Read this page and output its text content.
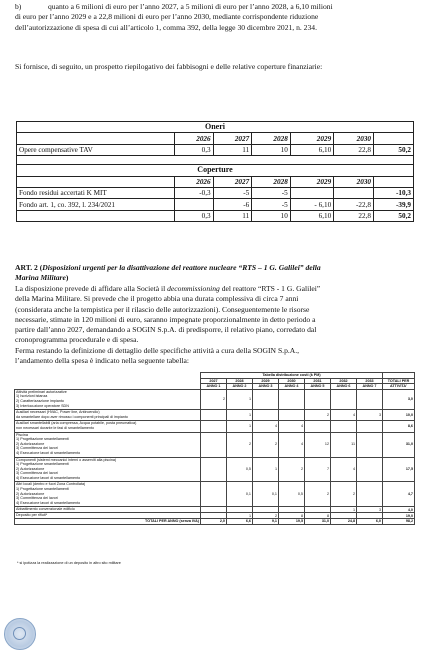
b)	quanto a 6 milioni di euro per l’anno 2027, a 5 milioni di euro per l’anno 2028, a 6,10 milioni
di euro per l’anno 2029 e a 22,8 milioni di euro per l’anno 2030, mediante corrispondente riduzione
dell’autorizzazione di spesa di cui all’articolo 1, comma 392, della legge 30 dicembre 2021, n. 234.
Si fornisce, di seguito, un prospetto riepilogativo dei fabbisogni e delle relative coperture finanziarie:
Oneri						
	2026	2027	2028	2029	2030	
Opere compensative TAV	0,3	11	10	6,10	22,8	50,2

Coperture						
	2026	2027	2028	2029	2030	
Fondo residui accertati K MIT	-0,3	-5	-5			-10,3
Fondo art. 1, co. 392, l. 234/2021		-6	-5	- 6,10	-22,8	-39,9
	0,3	11	10	6,10	22,8	50,2
ART. 2 (Disposizioni urgenti per la disattivazione del reattore nucleare “RTS – 1 G. Galilei” della
Marina Militare)
La disposizione prevede di affidare alla Società il decommissioning del reattore “RTS - 1 G. Galilei”
della Marina Militare. Si prevede che il progetto abbia una durata complessiva di circa 7 anni
(considerata anche la tempistica per il rilascio delle autorizzazioni). Conseguentemente le risorse
necessarie, stimate in 120 milioni di euro, saranno impegnate proporzionalmente in detto periodo a
partire dall’anno 2027, demandando a SOGIN S.p.A. di predisporre, il relativo piano, corredato dal
cronoprogramma procedurale e di spesa.
Ferma restando la definizione di dettaglio delle specifiche attività a cura della SOGIN S.p.A.,
l’andamento della spesa è indicato nella seguente tabella:
	Tabella distribuzione costi (k PM)							
	2027	2028	2029	2030	2031	2032	2033	TOTALI PER
	ANNO 1	ANNO 2	ANNO 3	ANNO 4	ANNO 5	ANNO 6	ANNO 7	ATTIVITA'

Attività preliminari autorizzative
1) Iscrizioni istanza
2) Caratterizzazione impianto
3) Interlocuzione operatore SDN	2	1						3,0

Ausiliari necessari (HVAC, Power line, Antincendio)
da smantellare dopo aver rimosso i componenti principali di impianto		1			2	4	3	10,0

Ausiliari smantellabili (aria compressa, Acqua potabile, posta pneumatica)
non necessari durante le fasi di smantellamento		1	4	4				8,6

Piscina
1) Progettazione smantellamenti
2) Autorizzazione
3) Committenza dei lavori
4) Esecuzione lavori di smantellamento		2	2	4	12	11		31,0

Componenti (sistemi meccanici interni o asserviti alla piscina)
1) Progettazione smantellamenti
2) Autorizzazione
3) Committenza dei lavori
4) Esecuzione lavori di smantellamento		0,5	1	2	7	4		17,5

Altri locali (dentro e fuori Zona Controllata)
1) Progettazione smantellamenti
2) Autorizzazione
3) Committenza dei lavori
4) Esecuzione lavori di smantellamento		0,1	0,1	0,5	2	2		4,7

Abbattimento convenzionale edificio						1	3	4,0

Deposito per rifiuti*		1	2	8	8			19,0
TOTALI PER ANNO (senza IVA)	2,0	6,6	9,1	19,5	31,0	24,8	6,0	98,2
* si ipotizza la realizzazione di un deposito in altro sito militare
